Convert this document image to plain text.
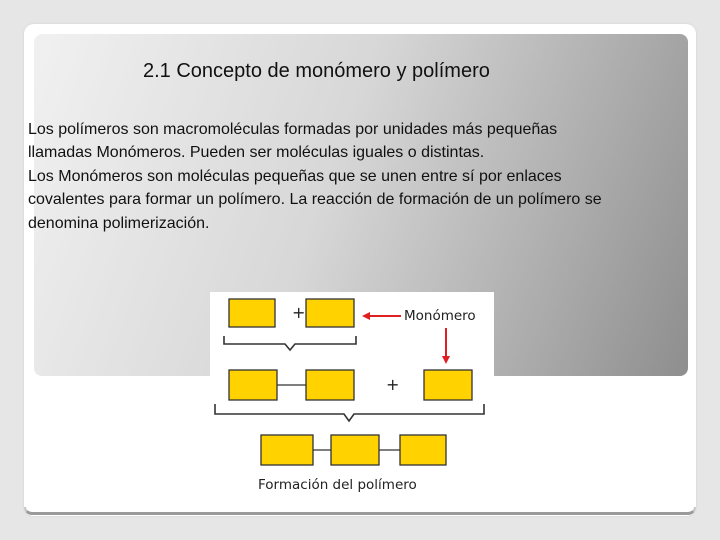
2.1 Concepto de monómero y polímero
Los polímeros son macromoléculas formadas por unidades más pequeñas
llamadas Monómeros. Pueden ser moléculas iguales o distintas.
Los Monómeros son moléculas pequeñas que se unen entre sí por enlaces
covalentes para formar un polímero. La reacción de formación de un polímero se
denomina polimerización.
+	Monómero
+
Formación del polímero
